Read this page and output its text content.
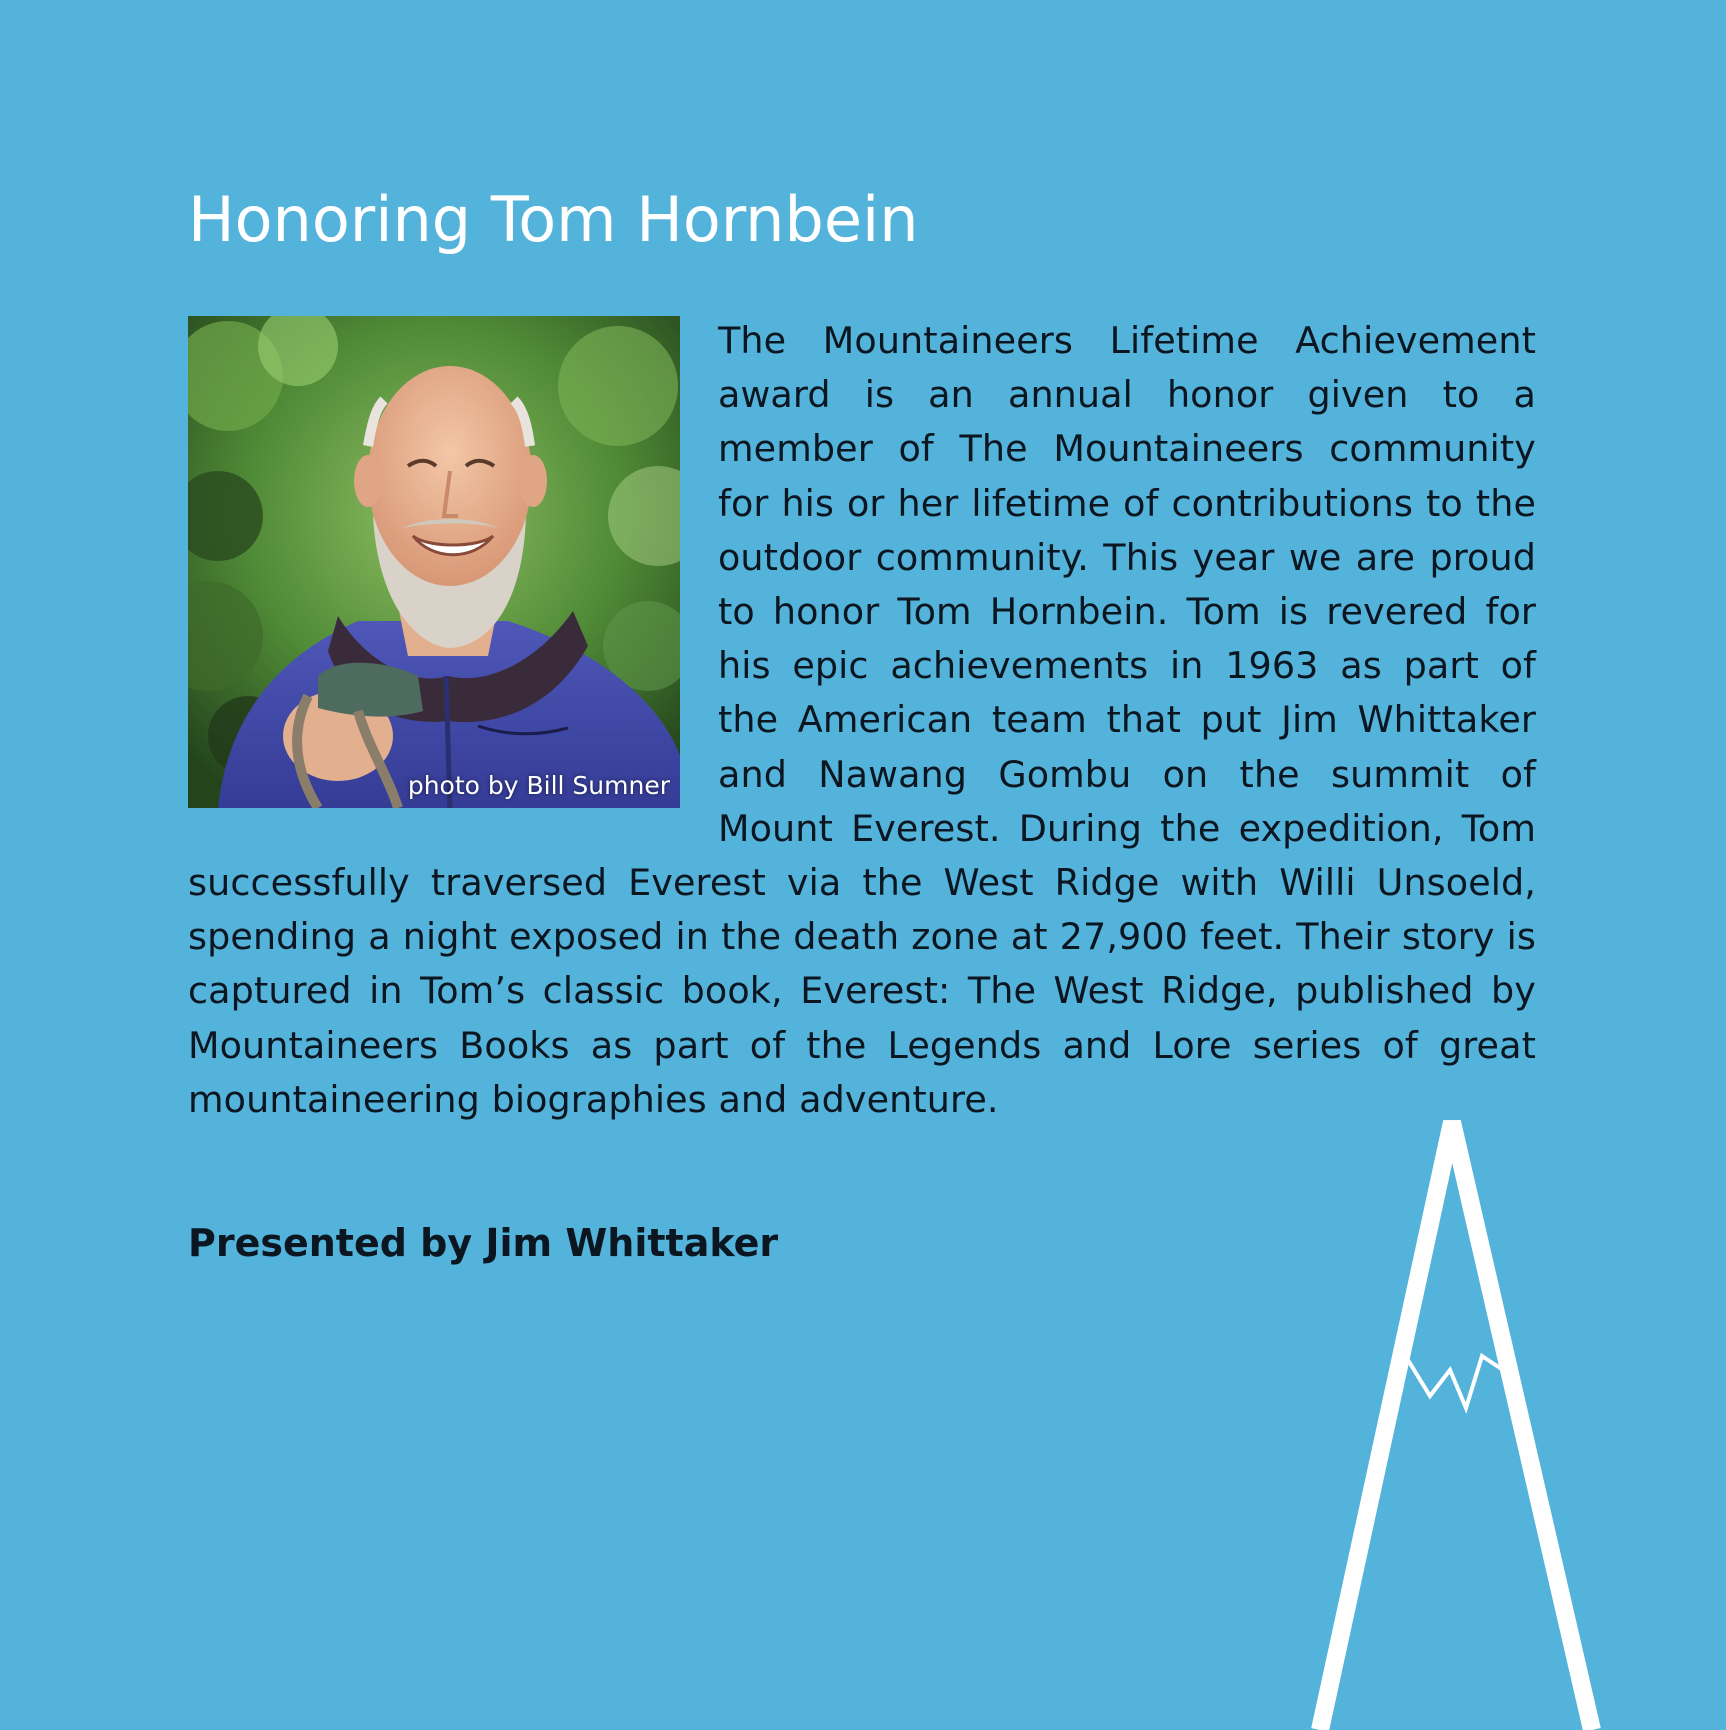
Honoring Tom Hornbein
photo by Bill Sumner

The Mountaineers Lifetime Achievement award is an annual honor given to a member of The Mountaineers community for his or her lifetime of contributions to the outdoor community. This year we are proud to honor Tom Hornbein. Tom is revered for his epic achievements in 1963 as part of the American team that put Jim Whittaker and Nawang Gombu on the summit of Mount Everest. During the expedition, Tom successfully traversed Everest via the West Ridge with Willi Unsoeld, spending a night exposed in the death zone at 27,900 feet. Their story is captured in Tom’s classic book, Everest: The West Ridge, published by Mountaineers Books as part of the Legends and Lore series of great mountaineering biographies and adventure.

Presented by Jim Whittaker
